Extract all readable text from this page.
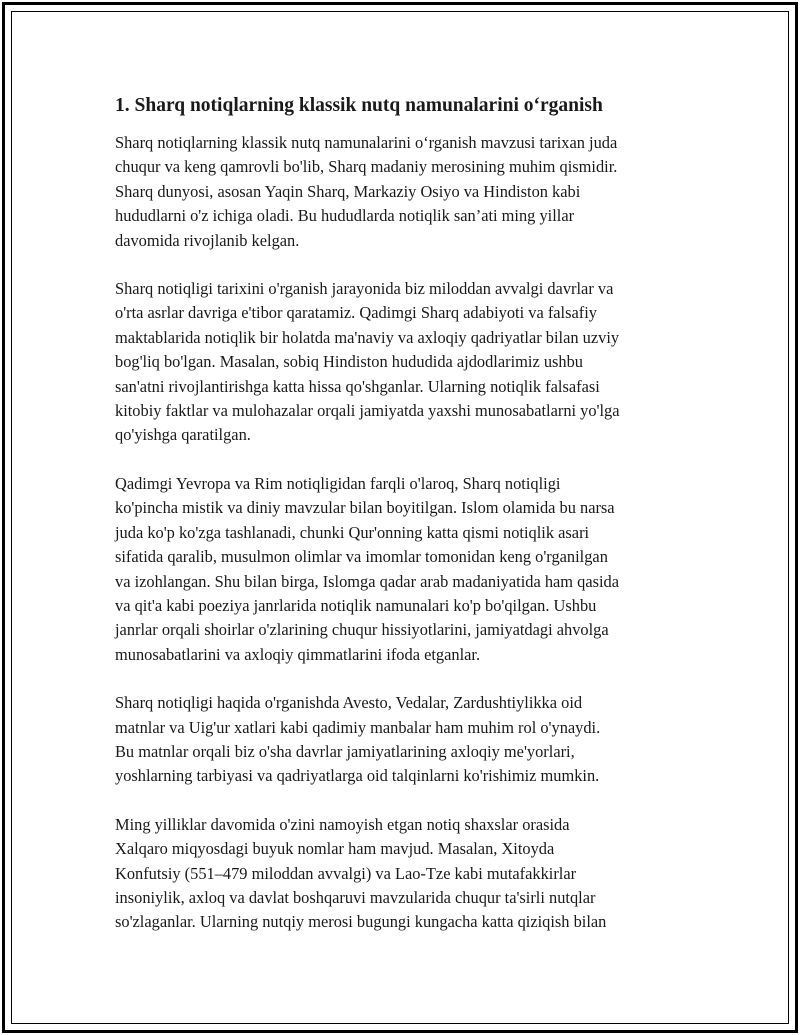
1. Sharq notiqlarning klassik nutq namunalarini o‘rganish

Sharq notiqlarning klassik nutq namunalarini o‘rganish mavzusi tarixan juda
chuqur va keng qamrovli bo'lib, Sharq madaniy merosining muhim qismidir.
Sharq dunyosi, asosan Yaqin Sharq, Markaziy Osiyo va Hindiston kabi
hududlarni o'z ichiga oladi. Bu hududlarda notiqlik san’ati ming yillar
davomida rivojlanib kelgan.

Sharq notiqligi tarixini o'rganish jarayonida biz miloddan avvalgi davrlar va
o'rta asrlar davriga e'tibor qaratamiz. Qadimgi Sharq adabiyoti va falsafiy
maktablarida notiqlik bir holatda ma'naviy va axloqiy qadriyatlar bilan uzviy
bog'liq bo'lgan. Masalan, sobiq Hindiston hududida ajdodlarimiz ushbu
san'atni rivojlantirishga katta hissa qo'shganlar. Ularning notiqlik falsafasi
kitobiy faktlar va mulohazalar orqali jamiyatda yaxshi munosabatlarni yo'lga
qo'yishga qaratilgan.

Qadimgi Yevropa va Rim notiqligidan farqli o'laroq, Sharq notiqligi
ko'pincha mistik va diniy mavzular bilan boyitilgan. Islom olamida bu narsa
juda ko'p ko'zga tashlanadi, chunki Qur'onning katta qismi notiqlik asari
sifatida qaralib, musulmon olimlar va imomlar tomonidan keng o'rganilgan
va izohlangan. Shu bilan birga, Islomga qadar arab madaniyatida ham qasida
va qit'a kabi poeziya janrlarida notiqlik namunalari ko'p bo'qilgan. Ushbu
janrlar orqali shoirlar o'zlarining chuqur hissiyotlarini, jamiyatdagi ahvolga
munosabatlarini va axloqiy qimmatlarini ifoda etganlar.

Sharq notiqligi haqida o'rganishda Avesto, Vedalar, Zardushtiylikka oid
matnlar va Uig'ur xatlari kabi qadimiy manbalar ham muhim rol o'ynaydi.
Bu matnlar orqali biz o'sha davrlar jamiyatlarining axloqiy me'yorlari,
yoshlarning tarbiyasi va qadriyatlarga oid talqinlarni ko'rishimiz mumkin.

Ming yilliklar davomida o'zini namoyish etgan notiq shaxslar orasida
Xalqaro miqyosdagi buyuk nomlar ham mavjud. Masalan, Xitoyda
Konfutsiy (551–479 miloddan avvalgi) va Lao-Tze kabi mutafakkirlar
insoniylik, axloq va davlat boshqaruvi mavzularida chuqur ta'sirli nutqlar
so'zlaganlar. Ularning nutqiy merosi bugungi kungacha katta qiziqish bilan
